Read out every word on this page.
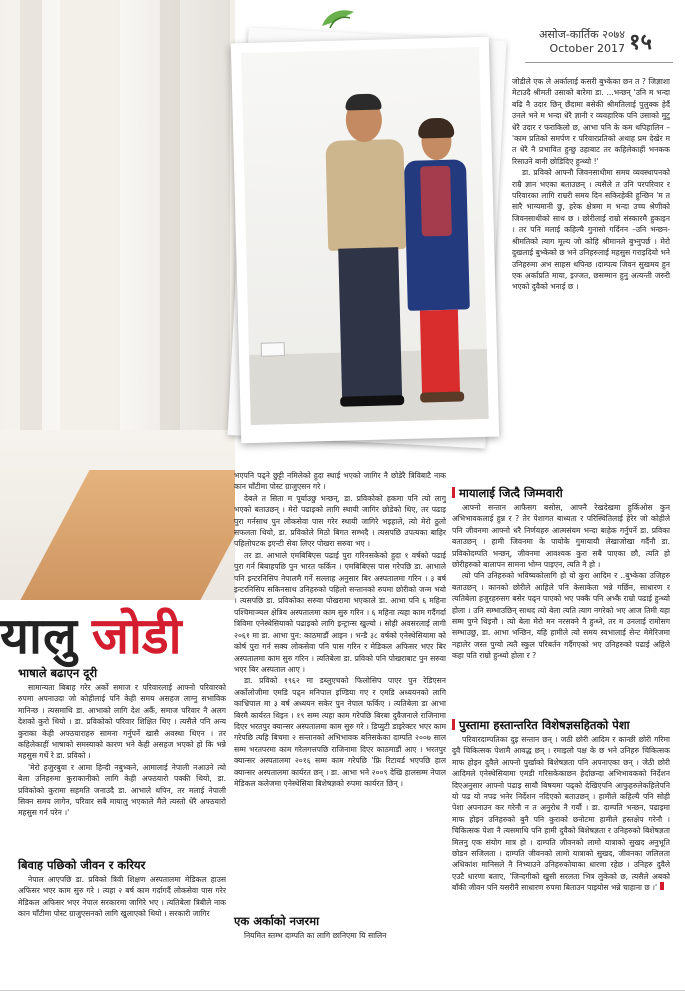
असोज-कार्तिक २०७४
October 2017 १५

जोडीले एक ले अर्कालाई कसरी बुभ्केका छन त ? जिज्ञाशा मेटाउदै श्रीमती उसाको बारेमा डा. ...भन्छन् 'उनि म भन्दा बढि नै उदार छिन् छँदामा बसेकी श्रीमतिलाई पुलुक्क हेर्दै उनले भने म भन्दा धेरै ज्ञानी र व्यवहारिक पनि उसाको मुटु धेरै उदार र फराकिलो छ, आभा पनि के कम थपिहालिन – 'काम प्रतिको समर्पण र परिवारप्रतिको अथाह प्रम देखेर म त धेरै नै प्रभावित हुन्छु उहाबाट तर कहिलेकाहीं भनकक रिसाउने बानी छोडिदिए हुन्थ्यो !'

डा. प्रविको आफ्नौ जिवनसाथीमा समय व्यवस्थापनको राम्रै ज्ञान भएका बताउछन् । त्यसैले त उनि परपरिवार र परिवारका लागि राम्ररी समय दिन सकिरहेकी हुन्छिन 'म त सारै भाग्यमानी छु, हरेक क्षेत्रमा म भन्दा उच्च श्रेणीको जिवनसाथीको साथ छ । छोरीलाई राम्रो संस्कारमै हुकाइन । तर पनि मलाई कहिल्यै गुनासो गर्दिनन –उनि भन्छन-श्रीमतिको त्याग मूल्य जो कोहि श्रीमानले बुभ्नुपर्छ । मेरो दुखलाई बुभ्केको छ भने उनिहरुलाई महसुस गराइदियो भने उनिहरुमा अभ साहस थपिन्छ ।दाम्पत्य जिवन सुखमय हुन एक अर्काप्रति माया, इज्जत, छसम्मान हुनु अत्यन्ती जरुरी भएको दुवैको भनाई छ ।

यालु जोडी
भाषाले बढाएन दूरी

सामान्यता बिबाह गरेर अर्को समाज र परिवारलाई आफ्नो परिवारको रुपमा अपनाउदा जो कोहीलाई पनि केही समय असहज लाग्नु सभाविक मानिन्छ । त्यसमाथि डा. आभाको लागि देश अर्कै, समाज परिवार नै अलग देशको कुरो थियो । डा. प्रविकोको परिवार शिक्षित थिए । त्यसैले पनि अन्य कुराका केही अफ्ठयाराहरु सामना गर्नुपर्ने खासै अवस्था थिएन । तर कहिलेकाहीं भाषाको समस्याको कारण भने केही असहज भएको हो कि भन्ने महसुस गर्थे रे डा. प्रविको ।

'मेरो हजुरबुवा र आमा हिन्दी नबुभ्कने, आमालाई नेपाली नआउने त्यो बेला उनिहरुमा कुराकानीको लागि केही अफ्ठयारो पक्की थियो, डा. प्रविकोको कुरामा सहमति जनाउदै डा. आभाले थपिन, तर मलाई नेपाली सिक्न समय लागेन, परिवार सबै मायालु भएकाले मैले त्यस्तो धेरै अफ्ठयारो महसुस गर्न परेन ।'

बिवाह पछिको जीवन र करियर

नेपाल आएपछि डा. प्रविको त्रिवी शिक्षण अस्पतालमा मेडिकल हाउस अफिसर भएर काम सुरु गरे । त्यहा २ बर्ष काम गर्दागर्दै लोकसेवा पास गरेर मेडिकल अफिसर भएर नेपाल सरकारमा जागिरे भए । त्यतिबेला त्रिबीले नाक कान घाँटीमा पोस्ट ग्राजुएसनको लागि खुलाएको थियो । सरकारी जागिर

भएपनि पढ्ने छुट्टी नमिलेको हुदा स्थाई भएको जागिर नै छोडेरै त्रिविबाटै नाक कान घाँटीमा पोस्ट ग्राजुएसन गरे ।

देबले त सिता म पूर्याउछु भन्छन्, डा. प्रविकोको हकमा पनि त्यो लागु भएको बताउछन् । मेरो पढाइको लागि स्थायी जागिर छोडेको थिए, तर पढाइ पुरा गर्नसाथ पुन लोकसेवा पास गरेर स्थायी जागिरे भइहाले, त्यो मेरो ठुलो सफलता थियो, डा. प्रविकोले मिठो बिगत सम्भदै । त्यसपछि उपत्यका बाहिर पहिलोपटक इएन्टी सेवा लिएर पोखरा सरुवा भए ।

तर डा. आभाले एमबिबिएस पढाई पुरा गरिनसकेको हुदा १ वर्षको पढाई पुरा गर्न बिबाहपछि पुन भारत फर्किन । एमबिबिएस पास गरेपछि डा. आभाले पनि इन्टरनिसिप नेपालमै गर्ने सल्लाह अनुसार बिर अस्पतालमा गरिन । ३ बर्ष इन्टरनिसिप सकिनसाथ उनिहरुको पहिलो सन्तानको रुपमा छोरीको जन्म भयो । त्यसपछि डा. प्रविकोका सरुवा पोखरामा भएकाले डा. आभा पनि ६ महिना पश्चिमाञ्चल क्षेत्रिय अस्पतालमा काम सुरु गरिन । ६ महिना त्यहा काम गर्दैगर्दा त्रिविमा एनेस्थेसियाको पढाइको लागि इन्ट्रान्स खुल्यो । सोही अवसरलाई लागी २०६१ मा डा. आभा पुन: काठमाडौं आइन । भन्डै ३८ वर्षको एनेस्थेसियामा को कोर्ष पुरा गर्न सक्य लोकसेवा पनि पास गरिन र मेडिकल अफिसर भएर बिर अस्पतालमा काम सुरु गरिन । त्यतिबेला डा. प्रविको पनि पोखराबाट पुन सरुवा भएर बिर अस्पताल आए ।

डा. प्रविको १९६२ मा डब्लुएचको फिलोसिप पाएर पुन रेडिएसन अर्कोलोजीमा एमडि पढ्न मनिपाल इण्डिया गए र एमडि अध्ययनको लागि काभ्रिपाल मा ३ बर्ष अध्ययन सकेर पुन नेपाल फर्किए । त्यतिबेला डा आभा बिरमै कार्यरत थिइन । १९ सम्म त्यहा काम गरेपछि बिरबा दुवैजनाले राजिनामा दिएर भरतपुर क्यान्सर अस्पतालमा काम सुरु गरे । डिप्युटी डाइरेक्टर भएर काम गरेपछि त्यहि बिचमा २ सन्तानको अभिभावक बनिसकेका दाम्पति २००७ साल सम्म भरतपरमा काम गरेलगत्तपछि राजिनामा दिएर काठमाडौं आए । भरतपुर क्यान्सर अस्पतालमा २०१६ सम्म काम गरेपछि 'फ्रि रिटायर्ड भएपछि हाल क्यान्सर अस्पतालमा कार्यरत छन् । डा. आभा भने २००९ देखि हालसम्म नेपाल मेडिकल कलेजमा एनेस्थेसिया बिशेषज्ञको रुपमा कार्यरत छिन् ।

एक अर्काको नजरमा

नियमित स्तम्भ दाम्पति का लागि छानिएमा यि सालिन

मायालाई जित्दै जिम्मवारी

आफ्नो सन्तान आफैसग बसोस, आफ्नै रेखदेखमा हुर्किओस कुन अभिभावकलाई हुन्न र ? तेर पेशागत बाध्यता र परिस्थितिलाई हेरेर जो कोहीले पनि जीवनमा आफ्नो धरै निर्णयहरु आत्मसंयम भन्दा बाहेक गर्नुपर्ने डा. प्रविका बताउछन् । हामी जिवनमा के पायोके गुमायायौ लेखाजोखा गर्दैनौ डा. प्रविकोदम्पति भन्छन्, जीवनमा आवश्यक कुरा सबै पाएका छौ, त्यति हो छोरीहरुको बालापन सामना भोग्न पाइएन, त्यति नै हो ।

त्यो पनि उनिहरुको भविष्यकोलागि हो यो कुरा आदिम र ..बुभ्केका उजिहरु बताउछन् । कानको छोरीले आहिले पनि केसाकेता भन्ने गर्छिन, साधारण र त्यतिबेला हजुरहरुसग बसेर पढ्न पाएको भए पक्कै पनि अभ्कै राम्रो पढाई हुन्थ्यो होला । उनि सम्भाउछिन् साथद त्यो बेला त्यति त्याग नगरेको भए आज तिमी यहा सम्म पुग्ने थिइनौ । त्यो बेला मेरो मन नरसक्ने नै हुन्थ्ने, तर म उनलाई रामोसग सम्भाउछु, डा. आभा भन्छिन, यहि हामीले त्यो समय स्वभालाई सेन्ट मेमेरिजमा नहालेर जस्त पुग्यो त्यतै स्कुल परिबर्तन गर्दैगएको भए उनिहरुको पढाई अहिले कहा पति राम्रो हुन्थ्यो होला र ?

पुस्तामा हस्तान्तरित विशेषज्ञसहितको पेशा

परिवारदाम्पतिका दुइ सन्तान छन् । जठी छोरी आदिम र कान्छी छोरी गरिमा दुवै चिकित्सक पेशामै आवद्ध छन् । रमाइलो पक्ष के छ भने उनिहरु चिकित्सक माफ होइन दुवैले आफ्नो पुर्खाको बिशेषज्ञता पनि अपनाएका छन् । जेठी छोरी आदिमले एनेस्थेसियामा एमडी गरिसकेकाछन हेर्दाछन्दा अभिभावकको निर्देशन दिएअनुसार आफ्नो पढाइ सायौ बिषयमा पढ्को देखिएपनि आफुहरुलेकहिलेपनि यो पढ यो नपढ भनेर निर्देशन नदिएको बताउछन् । हामीले कहिल्यै पनि सोही पेशा अपनाउन कर गरेनौ न त अनुरोध नै गर्यौ । डा. दाम्पति भन्छन, पढाइमा माफ होइन उनिहरुको बुनै पनि कुराको छनोटमा हामीले हस्तक्षेप गरेनौ । चिकित्सक पेशा नै त्यसमाथि पनि हामी दुवैको बिशेषज्ञता र उनिहरुको बिशेषज्ञता मिलनु एक संयोग मात्र हो । दाम्पति जीवनको लामो यात्राको सुखद अनुभूति छोडन सजिलता । दाम्पति जीवनको लामो यात्राको सुखद, जीवनका जलिलता अधिकांश मानिसले नै निभ्याउने उनिहरुकोयाका धारणा रहेछ । उनिहरु दुवैले एउटै धारणा बताए, 'जिन्दगीको खुसी सरलता भित्र लुकेको छ, त्यसैले अबको बाँकी जीवन पनि यसरीनै साधारण रुपमा बिताउन पाइयोस भन्ने चाहाना छ ।'
